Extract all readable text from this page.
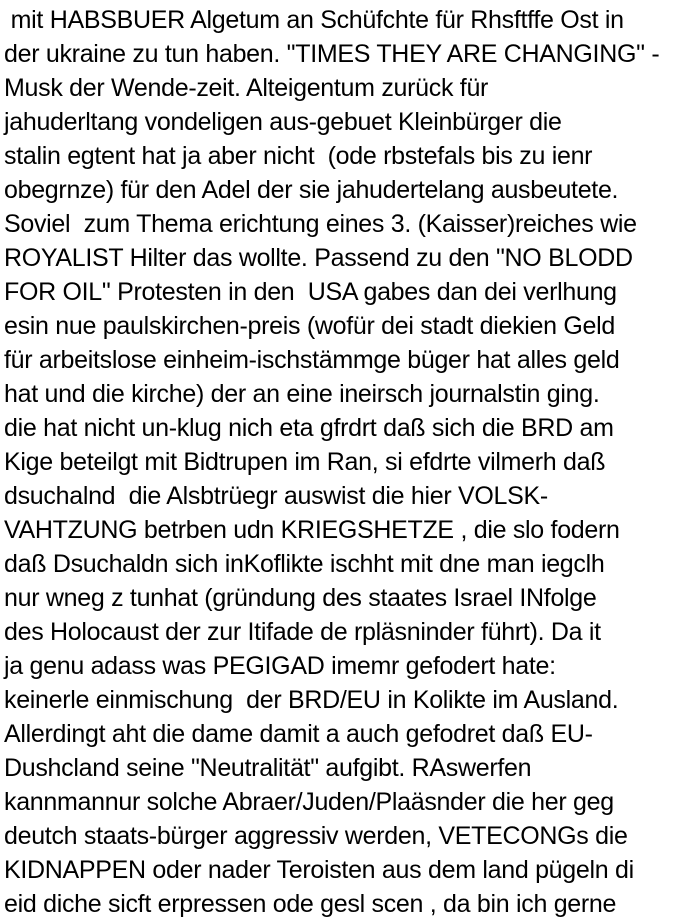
mit HABSBUER Algetum an Schüfchte für Rhsftffe Ost in
der ukraine zu tun haben. "TIMES THEY ARE CHANGING" -
Musk der Wende-zeit. Alteigentum zurück für
jahuderltang vondeligen aus-gebuet Kleinbürger die
stalin egtent hat ja aber nicht  (ode rbstefals bis zu ienr
obegrnze) für den Adel der sie jahudertelang ausbeutete.
Soviel  zum Thema erichtung eines 3. (Kaisser)reiches wie
ROYALIST Hilter das wollte. Passend zu den "NO BLODD
FOR OIL" Protesten in den  USA gabes dan dei verlhung
esin nue paulskirchen-preis (wofür dei stadt diekien Geld
für arbeitslose einheim-ischstämmge büger hat alles geld
hat und die kirche) der an eine ineirsch journalstin ging.
die hat nicht un-klug nich eta gfrdrt daß sich die BRD am
Kige beteilgt mit Bidtrupen im Ran, si efdrte vilmerh daß
dsuchalnd  die Alsbtrüegr auswist die hier VOLSK-
VAHTZUNG betrben udn KRIEGSHETZE , die slo fodern
daß Dsuchaldn sich inKoflikte ischht mit dne man iegclh
nur wneg z tunhat (gründung des staates Israel INfolge
des Holocaust der zur Itifade de rpläsninder führt). Da it
ja genu adass was PEGIGAD imemr gefodert hate:
keinerle einmischung  der BRD/EU in Kolikte im Ausland.
Allerdingt aht die dame damit a auch gefodret daß EU-
Dushcland seine "Neutralität" aufgibt. RAswerfen
kannmannur solche Abraer/Juden/Plaäsnder die her geg
deutch staats-bürger aggressiv werden, VETECONGs die
KIDNAPPEN oder nader Teroisten aus dem land pügeln di
eid diche sicft erpressen ode gesl scen , da bin ich gerne
